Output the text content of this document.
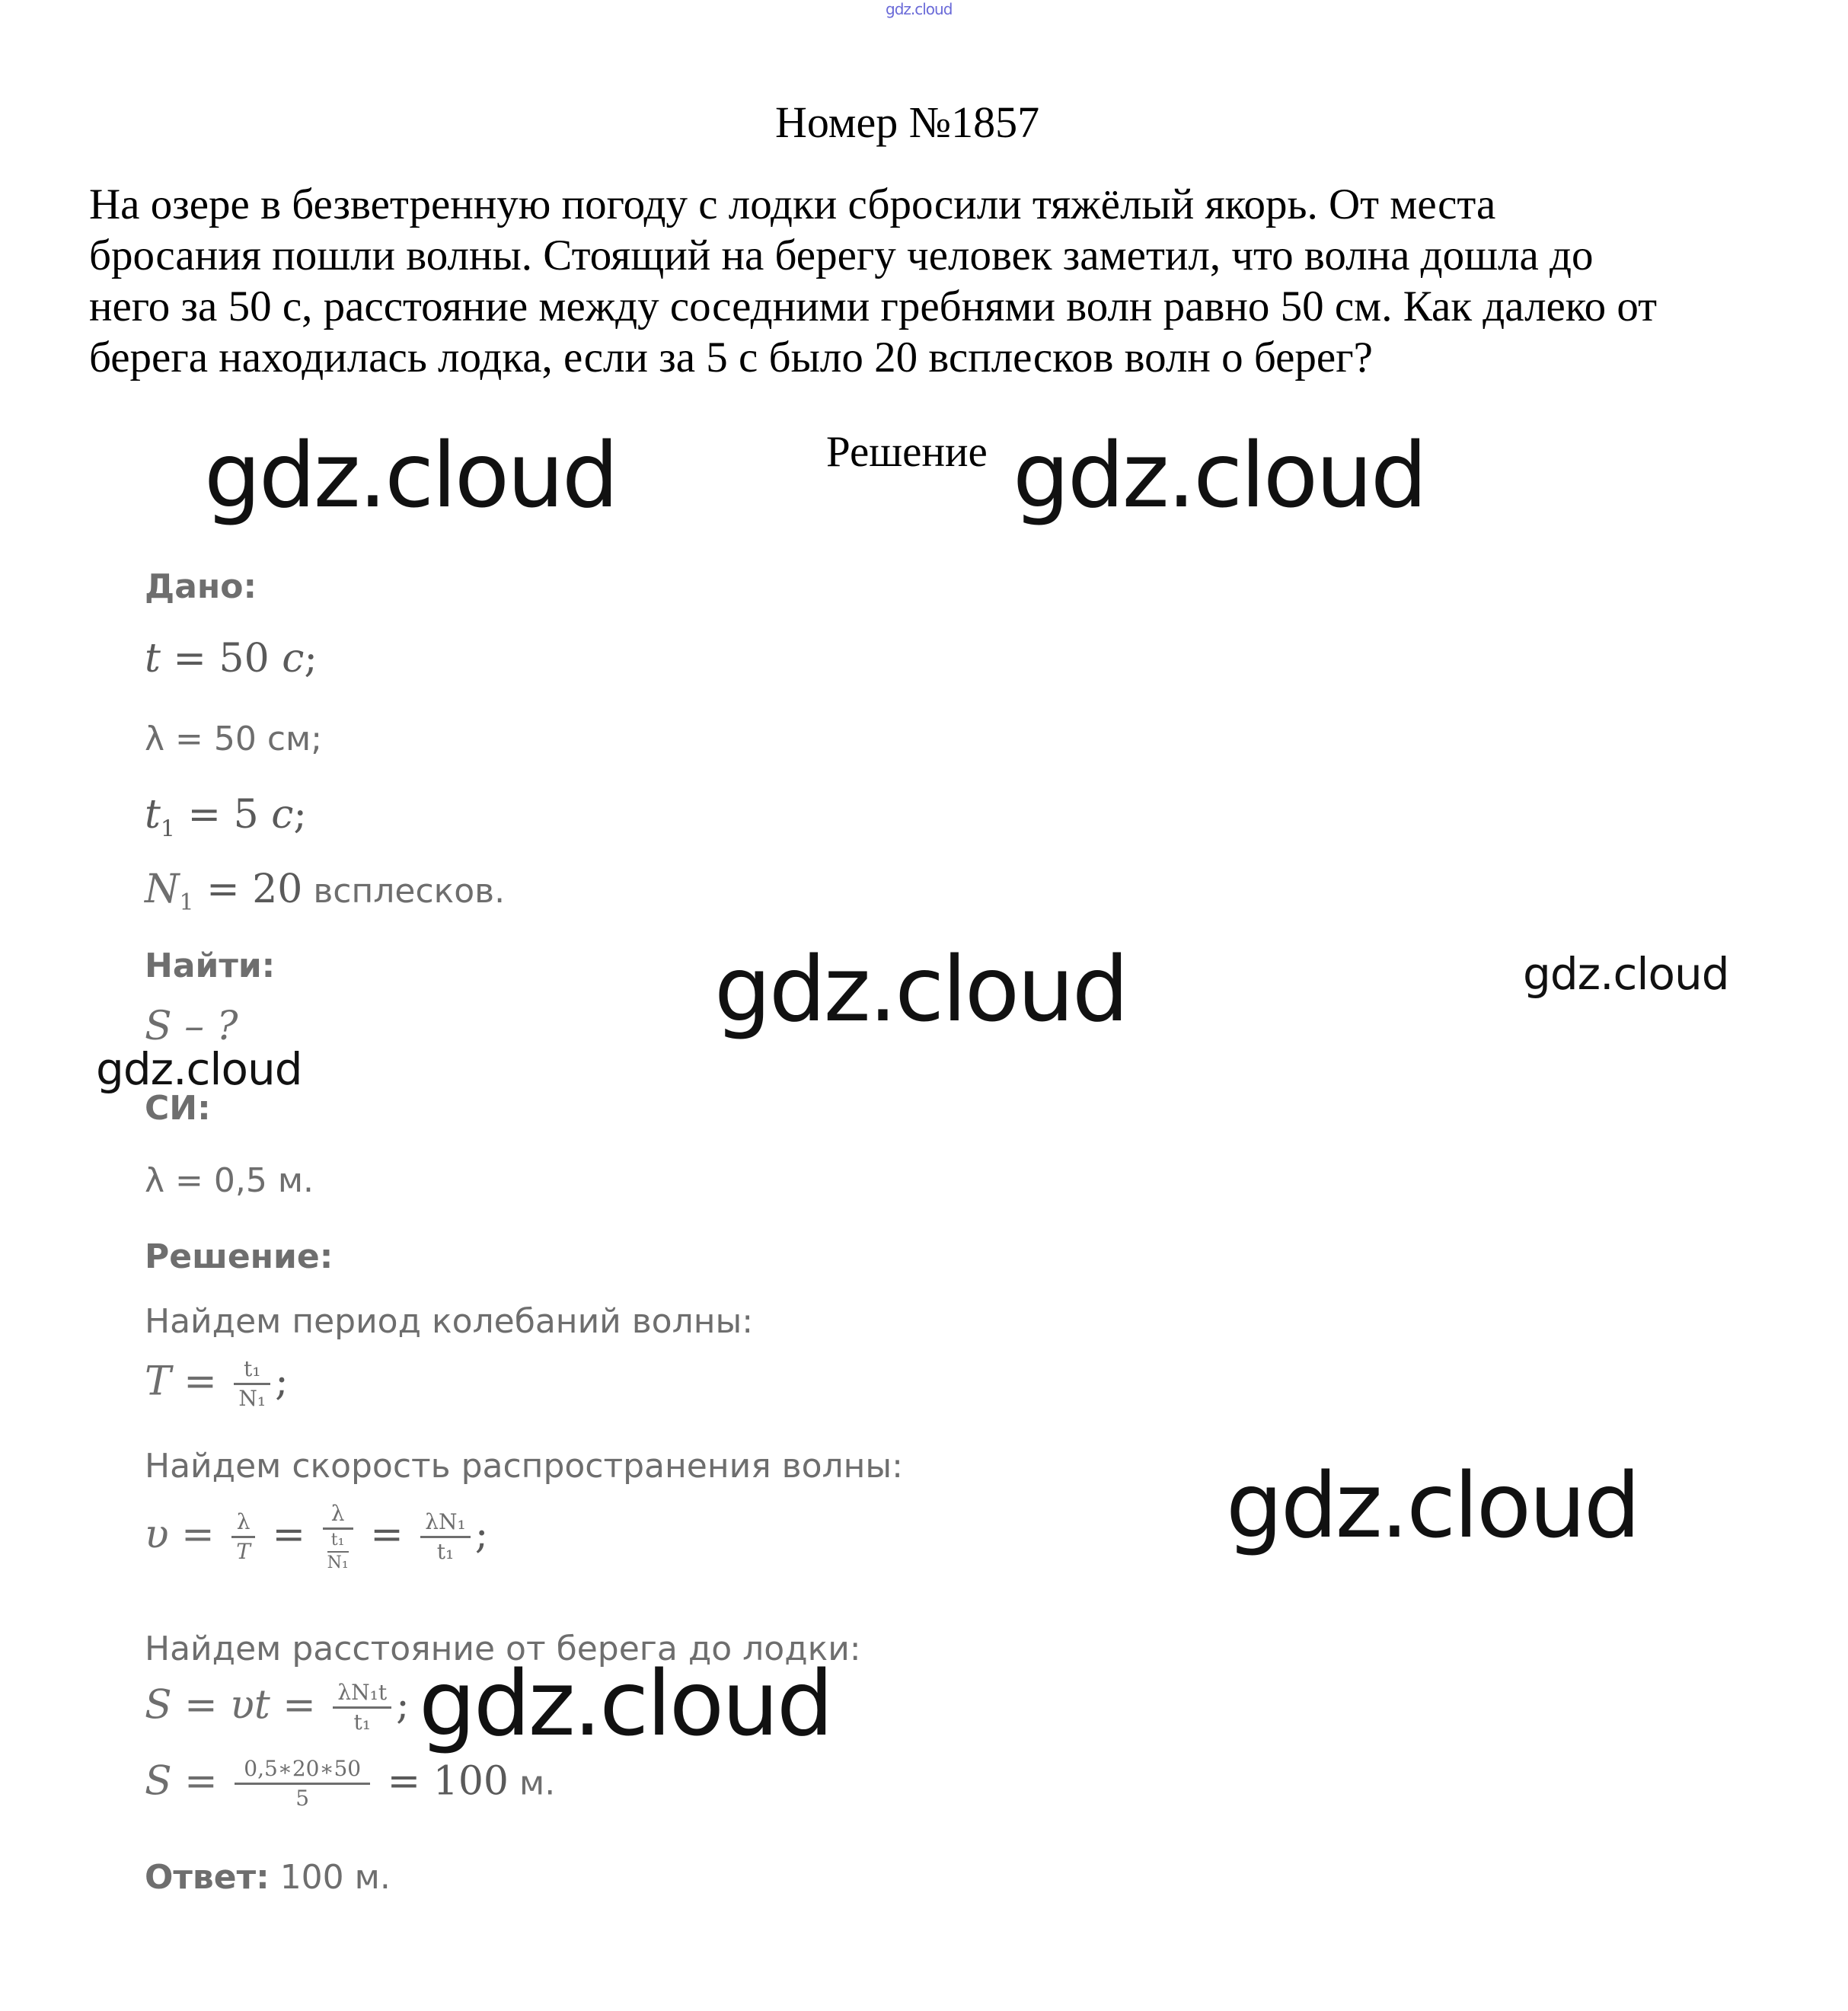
gdz.cloud
Номер №1857
На озере в безветренную погоду с лодки сбросили тяжёлый якорь. От места
бросания пошли волны. Стоящий на берегу человек заметил, что волна дошла до
него за 50 с, расстояние между соседними гребнями волн равно 50 см. Как далеко от
берега находилась лодка, если за 5 с было 20 всплесков волн о берег?
Решение
Дано:
t = 50 c;
λ = 50 см;
$t_1 = 5$ c;
$N_1 = 20$ всплесков.
Найти:
S – ?
СИ:
λ = 0,5 м.
Решение:
Найдем период колебаний волны:
$T = \frac{\text{t₁}}{\text{N₁}}$ ;
Найдем скорость распространения волны:
$\upsilon = \frac{\lambda}{T} = \lambda$
t₁
$N_1 = \frac{\text{λN₁}}{\text{t₁}}$ ;
Найдем расстояние от берега до лодки:
$S = \upsilon t = \frac{\text{λN₁t}}{\text{t₁}}$ ;
$S = \frac{0,5∗20∗50}{5} = 100$ м.
Ответ: 100 м.
gdz.cloud	gdz.cloud
gdz.cloud	gdz.cloud
gdz.cloud
gdz.cloud
gdz.cloud
